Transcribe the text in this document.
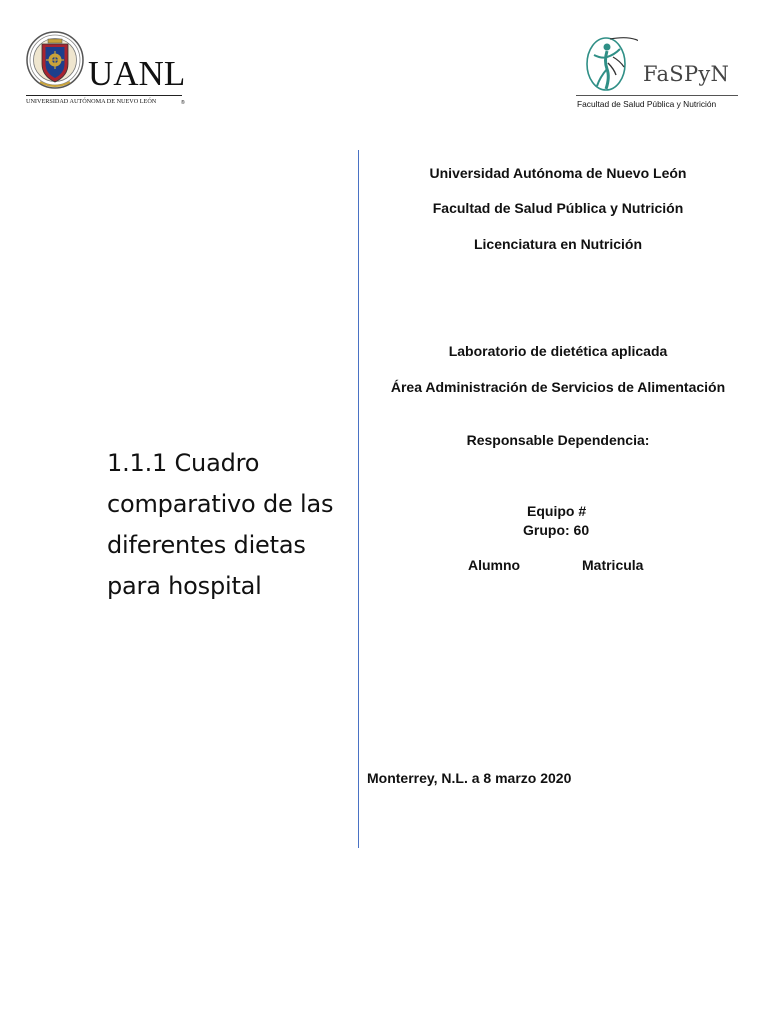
UANL
UNIVERSIDAD AUTÓNOMA DE NUEVO LEÓN	®
FaSPyN
Facultad de Salud Pública y Nutrición
1.1.1 Cuadro
comparativo de las
diferentes dietas
para hospital
Universidad Autónoma de Nuevo León
Facultad de Salud Pública y Nutrición
Licenciatura en Nutrición
Laboratorio de dietética aplicada
Área Administración de Servicios de Alimentación
Responsable Dependencia:
Equipo #
Grupo: 60
Alumno	Matricula
Monterrey, N.L. a 8 marzo 2020
